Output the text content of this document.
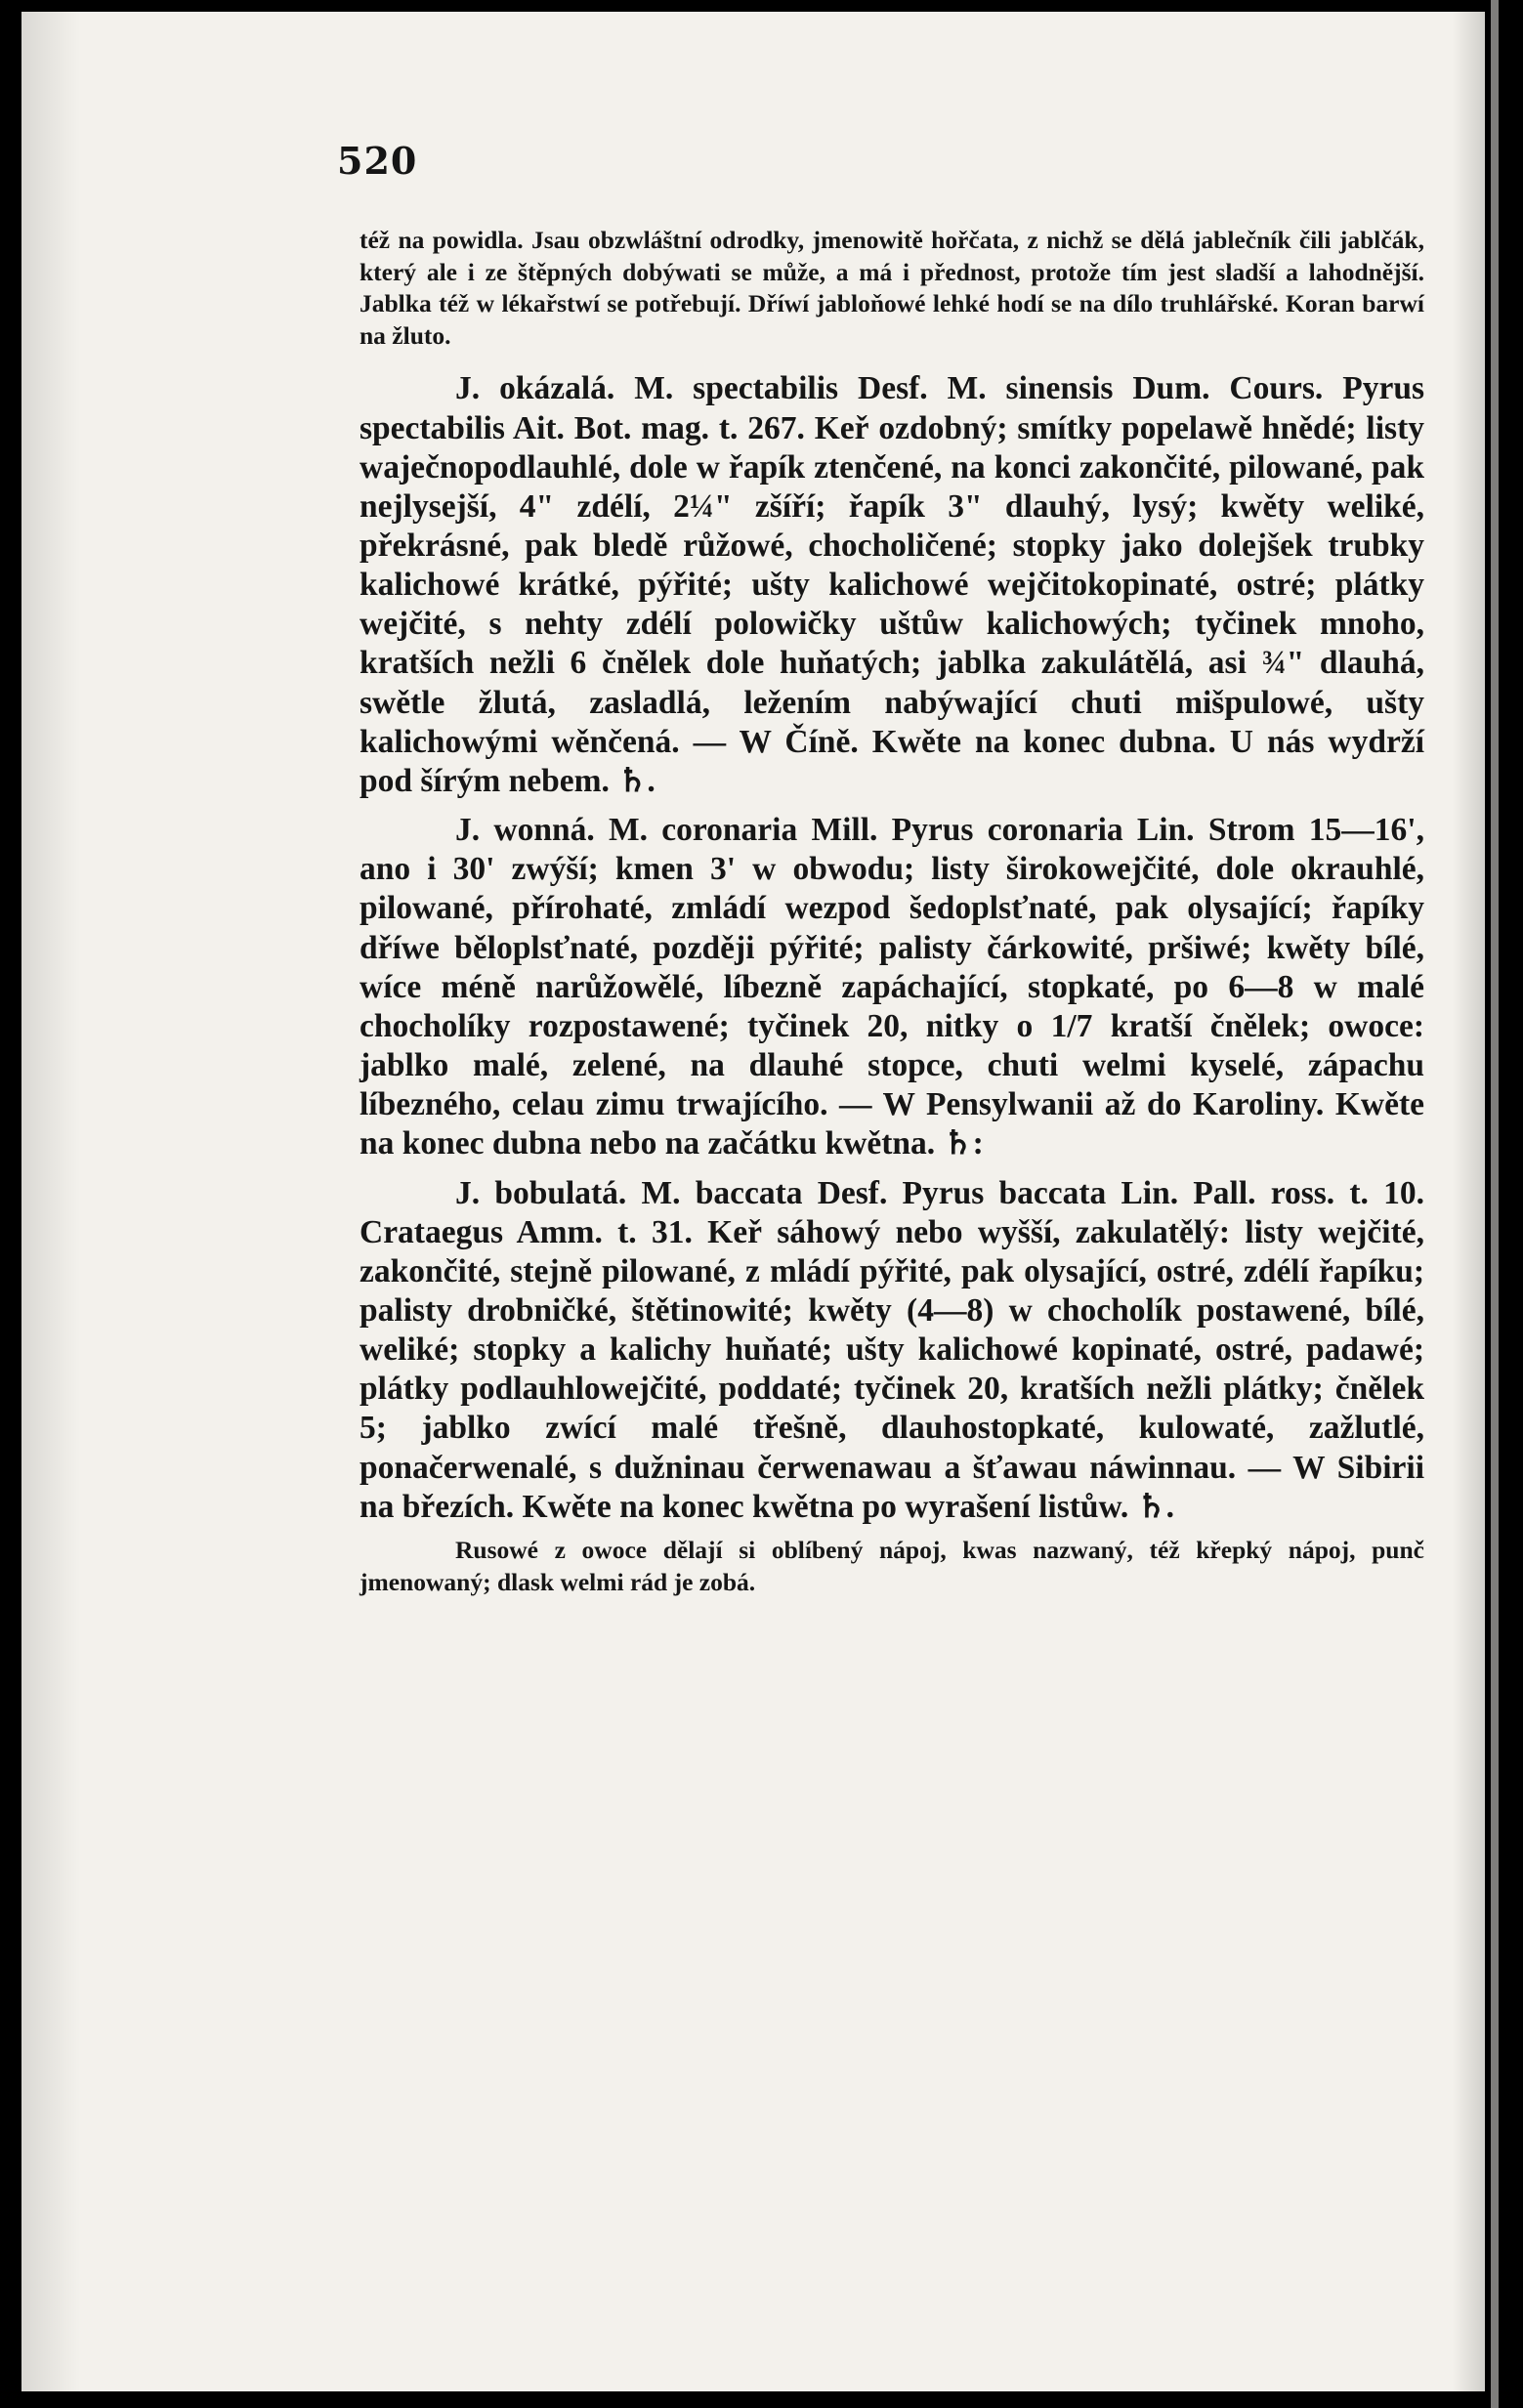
520

též na powidla. Jsau obzwláštní odrodky, jmenowitě hořčata, z nichž se dělá jablečník čili jablčák, který ale i ze štěpných dobýwati se může, a má i přednost, protože tím jest sladší a lahodnější. Jablka též w lékařstwí se potřebují. Dříwí jabloňowé lehké hodí se na dílo truhlářské. Koran barwí na žluto.

J. okázalá. M. spectabilis Desf. M. sinensis Dum. Cours. Pyrus spectabilis Ait. Bot. mag. t. 267. Keř ozdobný; smítky popelawě hnědé; listy waječnopodlauhlé, dole w řapík ztenčené, na konci zakončité, pilowané, pak nejlysejší, 4" zdélí, 2¼" zšíří; řapík 3" dlauhý, lysý; kwěty weliké, překrásné, pak bledě růžowé, chocholičené; stopky jako dolejšek trubky kalichowé krátké, pýřité; ušty kalichowé wejčitokopinaté, ostré; plátky wejčité, s nehty zdélí polowičky uštůw kalichowých; tyčinek mnoho, kratších nežli 6 čnělek dole huňatých; jablka zakulátělá, asi ¾" dlauhá, swětle žlutá, zasladlá, ležením nabýwající chuti mišpulowé, ušty kalichowými wěnčená. — W Číně. Kwěte na konec dubna. U nás wydrží pod šírým nebem. ♄.

J. wonná. M. coronaria Mill. Pyrus coronaria Lin. Strom 15—16', ano i 30' zwýší; kmen 3' w obwodu; listy širokowejčité, dole okrauhlé, pilowané, přírohaté, zmládí wezpod šedoplsťnaté, pak olysající; řapíky dříwe běloplsťnaté, později pýřité; palisty čárkowité, pršiwé; kwěty bílé, wíce méně narůžowělé, líbezně zapáchající, stopkaté, po 6—8 w malé chocholíky rozpostawené; tyčinek 20, nitky o 1/7 kratší čnělek; owoce: jablko malé, zelené, na dlauhé stopce, chuti welmi kyselé, zápachu líbezného, celau zimu trwajícího. — W Pensylwanii až do Karoliny. Kwěte na konec dubna nebo na začátku kwětna. ♄:

J. bobulatá. M. baccata Desf. Pyrus baccata Lin. Pall. ross. t. 10. Crataegus Amm. t. 31. Keř sáhowý nebo wyšší, zakulatělý: listy wejčité, zakončité, stejně pilowané, z mládí pýřité, pak olysající, ostré, zdélí řapíku; palisty drobničké, štětinowité; kwěty (4—8) w chocholík postawené, bílé, weliké; stopky a kalichy huňaté; ušty kalichowé kopinaté, ostré, padawé; plátky podlauhlowejčité, poddaté; tyčinek 20, kratších nežli plátky; čnělek 5; jablko zwící malé třešně, dlauhostopkaté, kulowaté, zažlutlé, ponačerwenalé, s dužninau čerwenawau a šťawau náwinnau. — W Sibirii na březích. Kwěte na konec kwětna po wyrašení listůw. ♄.

Rusowé z owoce dělají si oblíbený nápoj, kwas nazwaný, též křepký nápoj, punč jmenowaný; dlask welmi rád je zobá.
